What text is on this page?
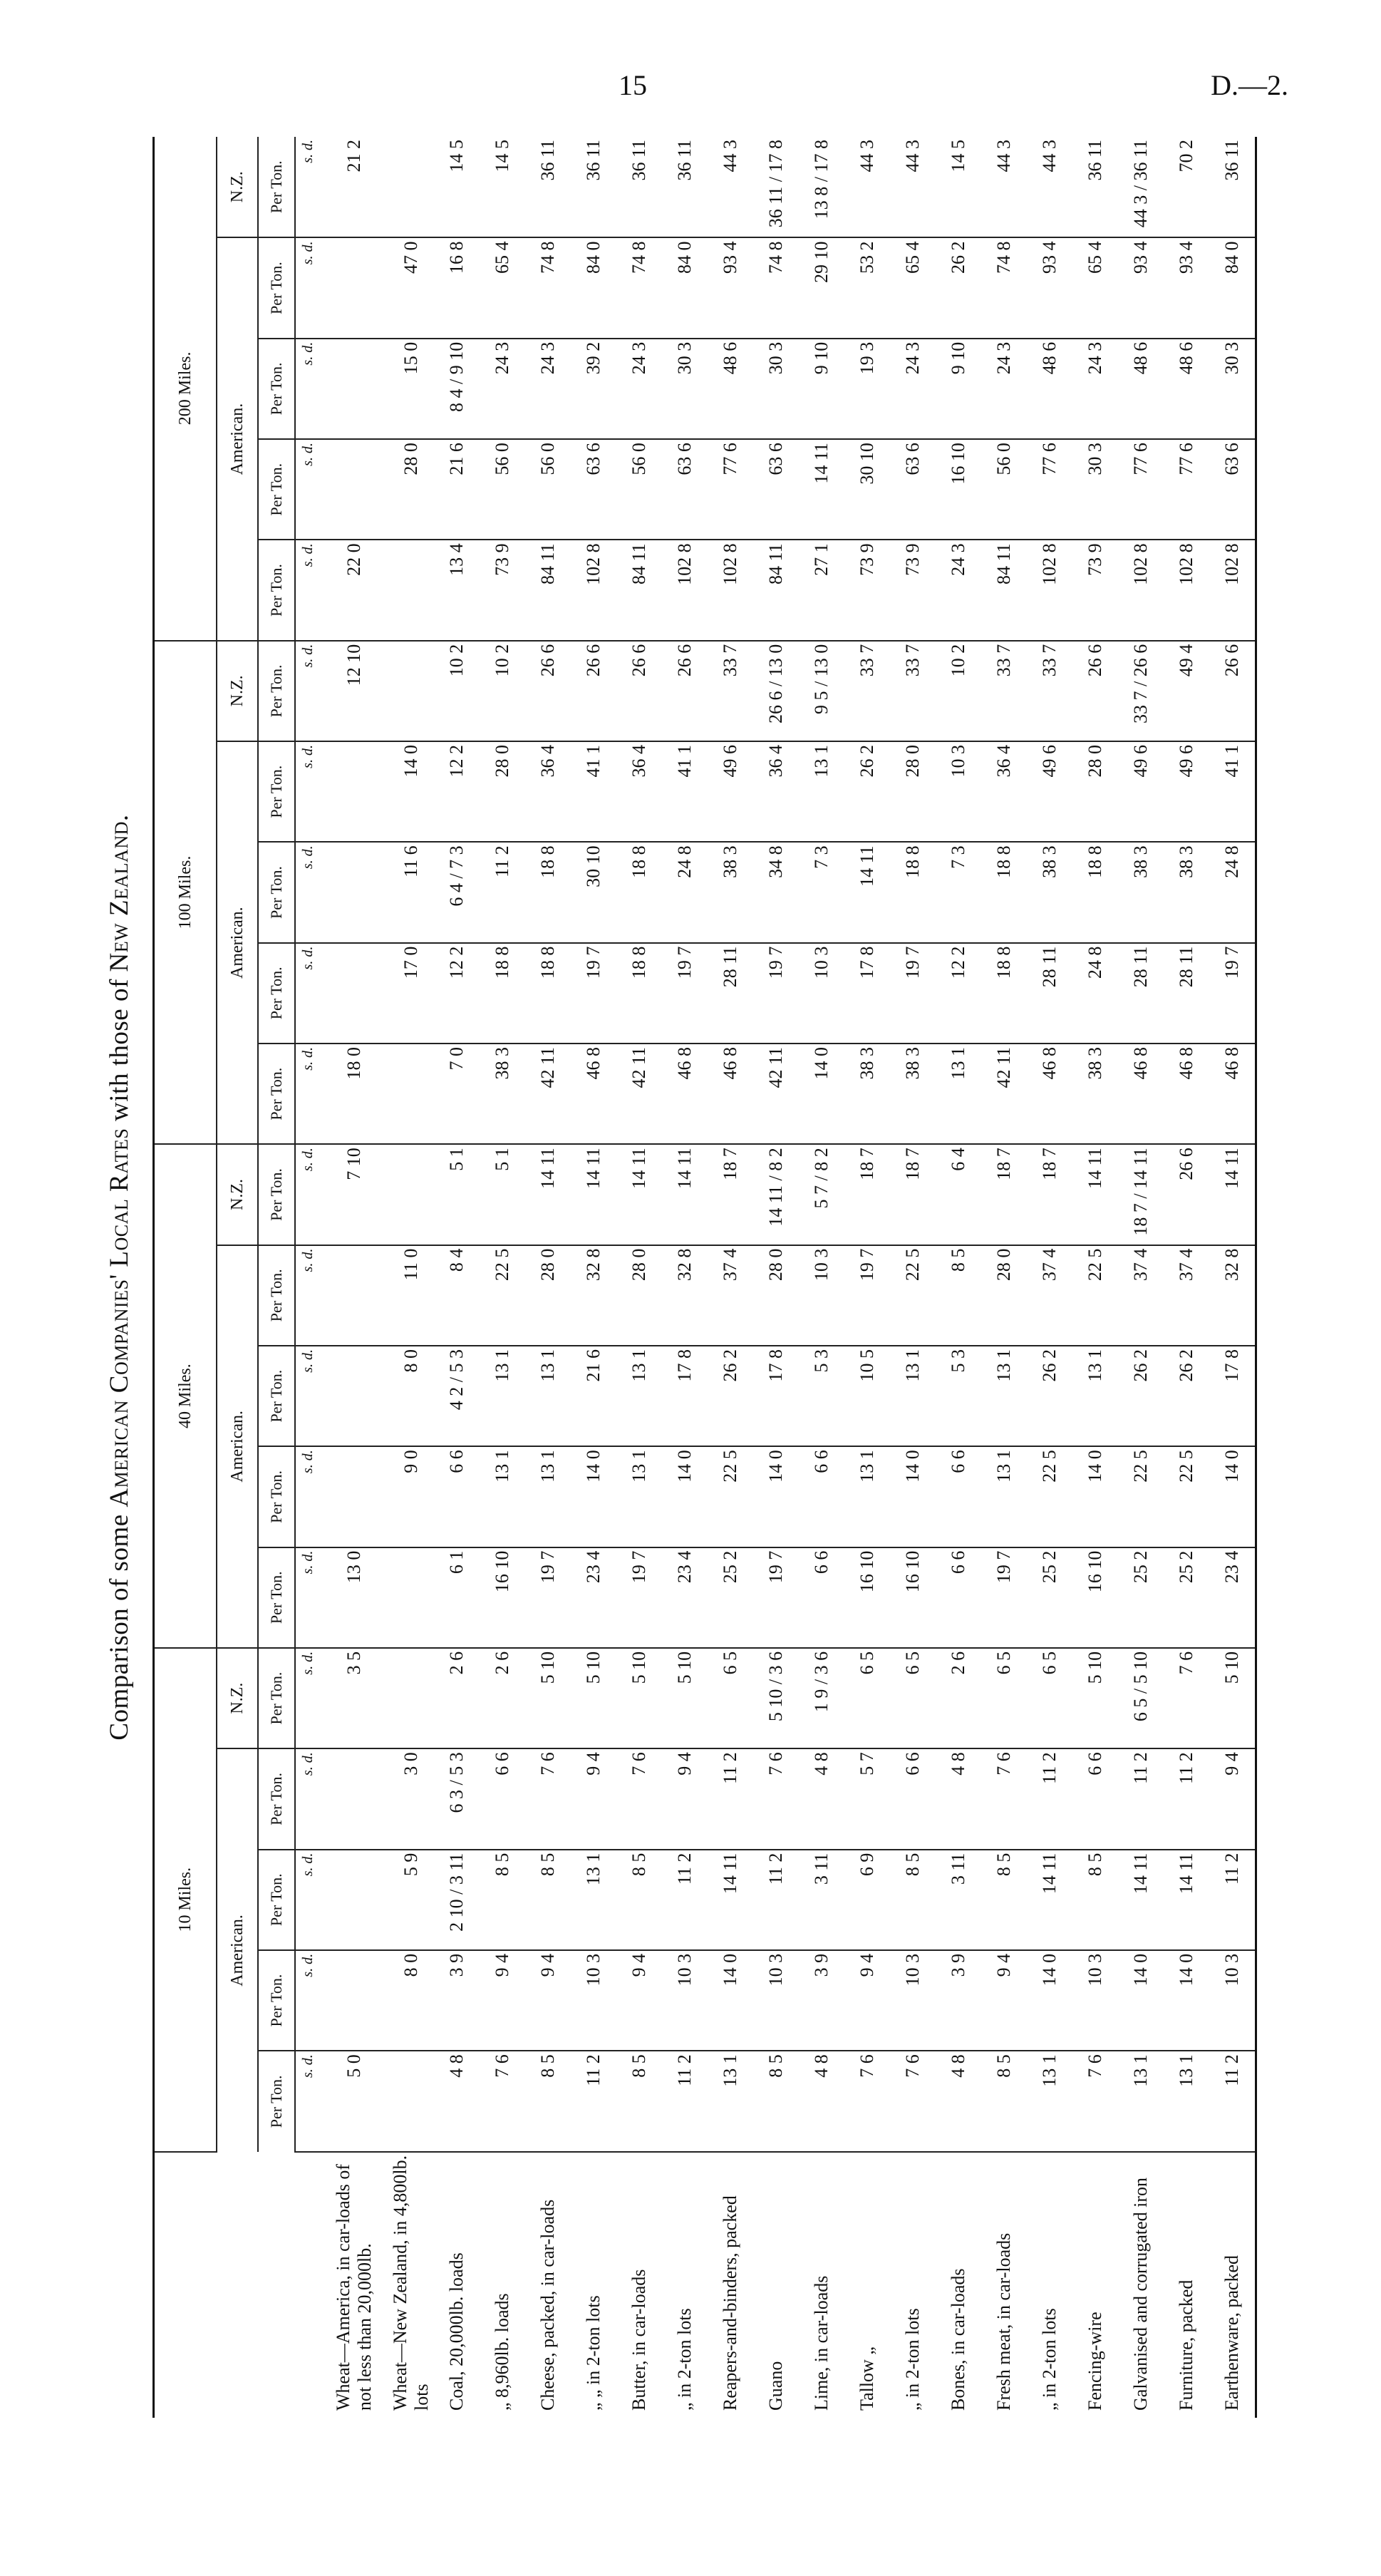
15	D.—2.
Comparison of some American Companies' Local Rates with those of New Zealand.
	10 Miles.					40 Miles.					100 Miles.					200 Miles.				
	American.				N.Z.	American.				N.Z.	American.				N.Z.	American.				N.Z.
	Per Ton.	Per Ton.	Per Ton.	Per Ton.	Per Ton.	Per Ton.	Per Ton.	Per Ton.	Per Ton.	Per Ton.	Per Ton.	Per Ton.	Per Ton.	Per Ton.	Per Ton.	Per Ton.	Per Ton.	Per Ton.	Per Ton.	Per Ton.
	s. d.	s. d.	s. d.	s. d.	s. d.	s. d.	s. d.	s. d.	s. d.	s. d.	s. d.	s. d.	s. d.	s. d.	s. d.	s. d.	s. d.	s. d.	s. d.	s. d.
Wheat—America, in car-loads of not less than 20,000lb.	5 0				3 5	13 0				7 10	18 0				12 10	22 0				21 2
Wheat—New Zealand, in 4,800lb. lots		8 0	5 9	3 0			9 0	8 0	11 0			17 0	11 6	14 0			28 0	15 0	47 0	
Coal, 20,000lb. loads	4 8	3 9	2 10 / 3 11	6 3 / 5 3	2 6	6 1	6 6	4 2 / 5 3	8 4	5 1	7 0	12 2	6 4 / 7 3	12 2	10 2	13 4	21 6	8 4 / 9 10	16 8	14 5
„ 8,960lb. loads	7 6	9 4	8 5	6 6	2 6	16 10	13 1	13 1	22 5	5 1	38 3	18 8	11 2	28 0	10 2	73 9	56 0	24 3	65 4	14 5
Cheese, packed, in car-loads	8 5	9 4	8 5	7 6	5 10	19 7	13 1	13 1	28 0	14 11	42 11	18 8	18 8	36 4	26 6	84 11	56 0	24 3	74 8	36 11
„ „ in 2-ton lots	11 2	10 3	13 1	9 4	5 10	23 4	14 0	21 6	32 8	14 11	46 8	19 7	30 10	41 1	26 6	102 8	63 6	39 2	84 0	36 11
Butter, in car-loads	8 5	9 4	8 5	7 6	5 10	19 7	13 1	13 1	28 0	14 11	42 11	18 8	18 8	36 4	26 6	84 11	56 0	24 3	74 8	36 11
„ in 2-ton lots	11 2	10 3	11 2	9 4	5 10	23 4	14 0	17 8	32 8	14 11	46 8	19 7	24 8	41 1	26 6	102 8	63 6	30 3	84 0	36 11
Reapers-and-binders, packed	13 1	14 0	14 11	11 2	6 5	25 2	22 5	26 2	37 4	18 7	46 8	28 11	38 3	49 6	33 7	102 8	77 6	48 6	93 4	44 3
Guano	8 5	10 3	11 2	7 6	5 10 / 3 6	19 7	14 0	17 8	28 0	14 11 / 8 2	42 11	19 7	34 8	36 4	26 6 / 13 0	84 11	63 6	30 3	74 8	36 11 / 17 8
Lime, in car-loads	4 8	3 9	3 11	4 8	1 9 / 3 6	6 6	6 6	5 3	10 3	5 7 / 8 2	14 0	10 3	7 3	13 1	9 5 / 13 0	27 1	14 11	9 10	29 10	13 8 / 17 8
Tallow „	7 6	9 4	6 9	5 7	6 5	16 10	13 1	10 5	19 7	18 7	38 3	17 8	14 11	26 2	33 7	73 9	30 10	19 3	53 2	44 3
„ in 2-ton lots	7 6	10 3	8 5	6 6	6 5	16 10	14 0	13 1	22 5	18 7	38 3	19 7	18 8	28 0	33 7	73 9	63 6	24 3	65 4	44 3
Bones, in car-loads	4 8	3 9	3 11	4 8	2 6	6 6	6 6	5 3	8 5	6 4	13 1	12 2	7 3	10 3	10 2	24 3	16 10	9 10	26 2	14 5
Fresh meat, in car-loads	8 5	9 4	8 5	7 6	6 5	19 7	13 1	13 1	28 0	18 7	42 11	18 8	18 8	36 4	33 7	84 11	56 0	24 3	74 8	44 3
„ in 2-ton lots	13 1	14 0	14 11	11 2	6 5	25 2	22 5	26 2	37 4	18 7	46 8	28 11	38 3	49 6	33 7	102 8	77 6	48 6	93 4	44 3
Fencing-wire	7 6	10 3	8 5	6 6	5 10	16 10	14 0	13 1	22 5	14 11	38 3	24 8	18 8	28 0	26 6	73 9	30 3	24 3	65 4	36 11
Galvanised and corrugated iron	13 1	14 0	14 11	11 2	6 5 / 5 10	25 2	22 5	26 2	37 4	18 7 / 14 11	46 8	28 11	38 3	49 6	33 7 / 26 6	102 8	77 6	48 6	93 4	44 3 / 36 11
Furniture, packed	13 1	14 0	14 11	11 2	7 6	25 2	22 5	26 2	37 4	26 6	46 8	28 11	38 3	49 6	49 4	102 8	77 6	48 6	93 4	70 2
Earthenware, packed	11 2	10 3	11 2	9 4	5 10	23 4	14 0	17 8	32 8	14 11	46 8	19 7	24 8	41 1	26 6	102 8	63 6	30 3	84 0	36 11
